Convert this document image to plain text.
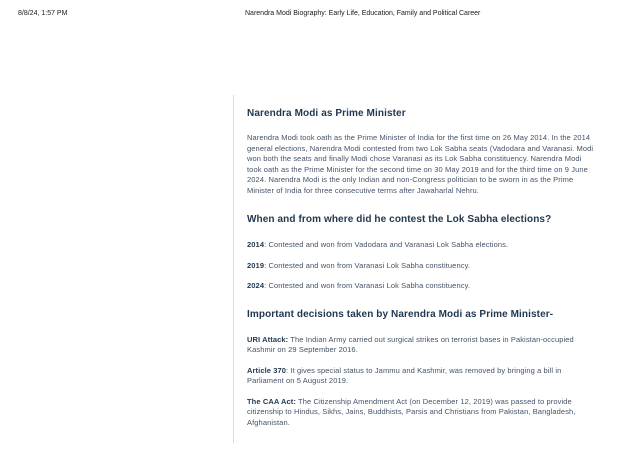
8/8/24, 1:57 PM	Narendra Modi Biography: Early Life, Education, Family and Political Career
Narendra Modi as Prime Minister

Narendra Modi took oath as the Prime Minister of India for the first time on 26 May 2014. In the 2014 general elections, Narendra Modi contested from two Lok Sabha seats (Vadodara and Varanasi. Modi won both the seats and finally Modi chose Varanasi as its Lok Sabha constituency. Narendra Modi took oath as the Prime Minister for the second time on 30 May 2019 and for the third time on 9 June 2024. Narendra Modi is the only Indian and non-Congress politician to be sworn in as the Prime Minister of India for three consecutive terms after Jawaharlal Nehru.

When and from where did he contest the Lok Sabha elections?

2014: Contested and won from Vadodara and Varanasi Lok Sabha elections.

2019: Contested and won from Varanasi Lok Sabha constituency.

2024: Contested and won from Varanasi Lok Sabha constituency.

Important decisions taken by Narendra Modi as Prime Minister-

URI Attack: The Indian Army carried out surgical strikes on terrorist bases in Pakistan-occupied Kashmir on 29 September 2016.

Article 370: It gives special status to Jammu and Kashmir, was removed by bringing a bill in Parliament on 5 August 2019.

The CAA Act: The Citizenship Amendment Act (on December 12, 2019) was passed to provide citizenship to Hindus, Sikhs, Jains, Buddhists, Parsis and Christians from Pakistan, Bangladesh, Afghanistan.
